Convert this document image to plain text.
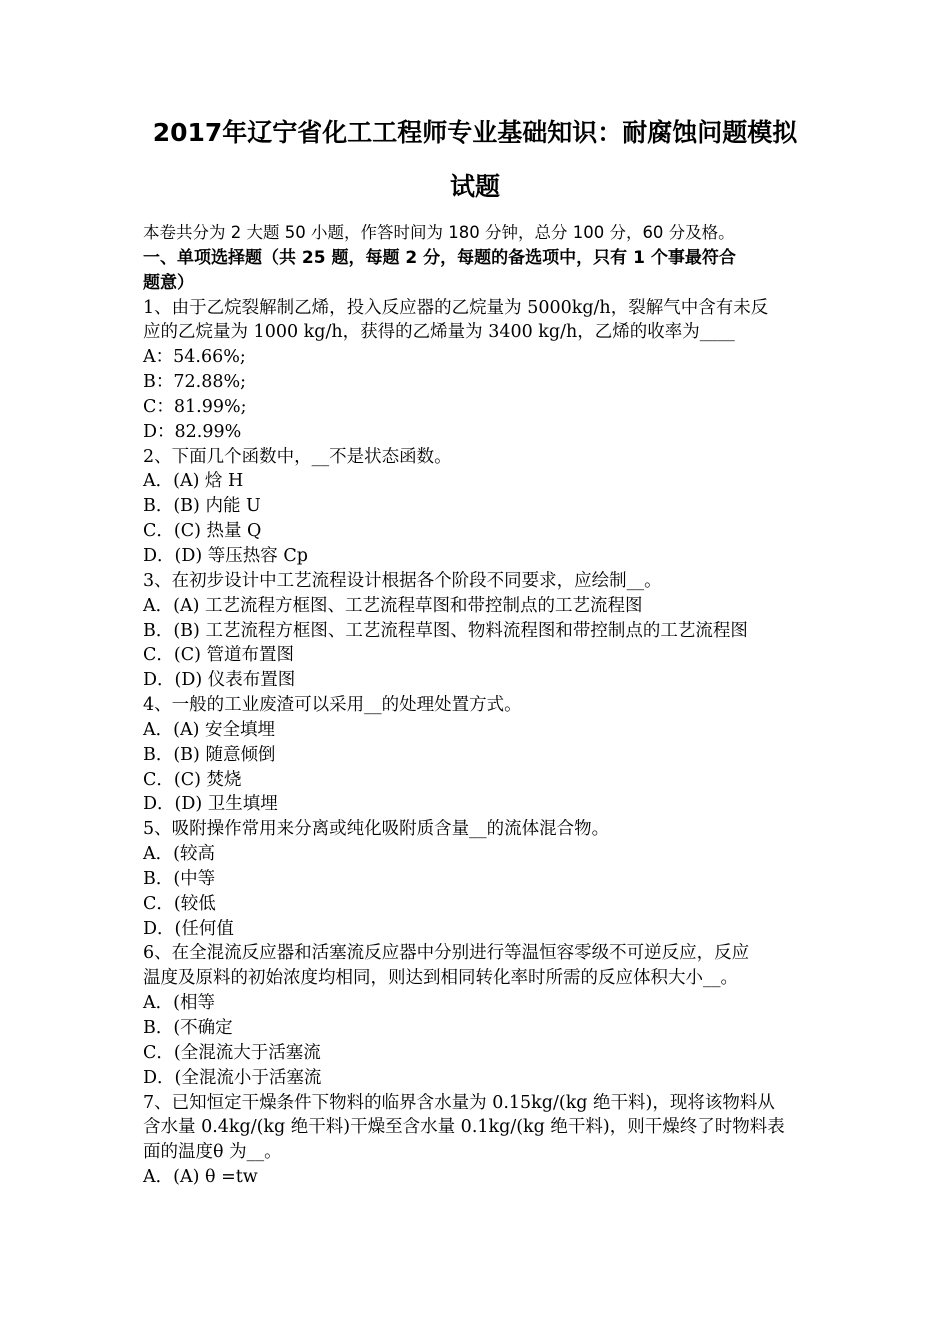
2017年辽宁省化工工程师专业基础知识：耐腐蚀问题模拟
试题
本卷共分为 2 大题 50 小题，作答时间为 180 分钟，总分 100 分，60 分及格。
一、单项选择题（共 25 题，每题 2 分，每题的备选项中，只有 1 个事最符合
题意）
1、由于乙烷裂解制乙烯，投入反应器的乙烷量为 5000kg/h，裂解气中含有未反
应的乙烷量为 1000 kg/h，获得的乙烯量为 3400 kg/h，乙烯的收率为____
A：54.66%;
B：72.88%;
C：81.99%;
D：82.99%
2、下面几个函数中，__不是状态函数。
A．(A) 焓 H
B．(B) 内能 U
C．(C) 热量 Q
D．(D) 等压热容 Cp
3、在初步设计中工艺流程设计根据各个阶段不同要求，应绘制__。
A．(A) 工艺流程方框图、工艺流程草图和带控制点的工艺流程图
B．(B) 工艺流程方框图、工艺流程草图、物料流程图和带控制点的工艺流程图
C．(C) 管道布置图
D．(D) 仪表布置图
4、一般的工业废渣可以采用__的处理处置方式。
A．(A) 安全填埋
B．(B) 随意倾倒
C．(C) 焚烧
D．(D) 卫生填埋
5、吸附操作常用来分离或纯化吸附质含量__的流体混合物。
A．(较高
B．(中等
C．(较低
D．(任何值
6、在全混流反应器和活塞流反应器中分别进行等温恒容零级不可逆反应，反应
温度及原料的初始浓度均相同，则达到相同转化率时所需的反应体积大小__。
A．(相等
B．(不确定
C．(全混流大于活塞流
D．(全混流小于活塞流
7、已知恒定干燥条件下物料的临界含水量为 0.15kg/(kg 绝干料)，现将该物料从
含水量 0.4kg/(kg 绝干料)干燥至含水量 0.1kg/(kg 绝干料)，则干燥终了时物料表
面的温度θ 为__。
A．(A) θ =tw
